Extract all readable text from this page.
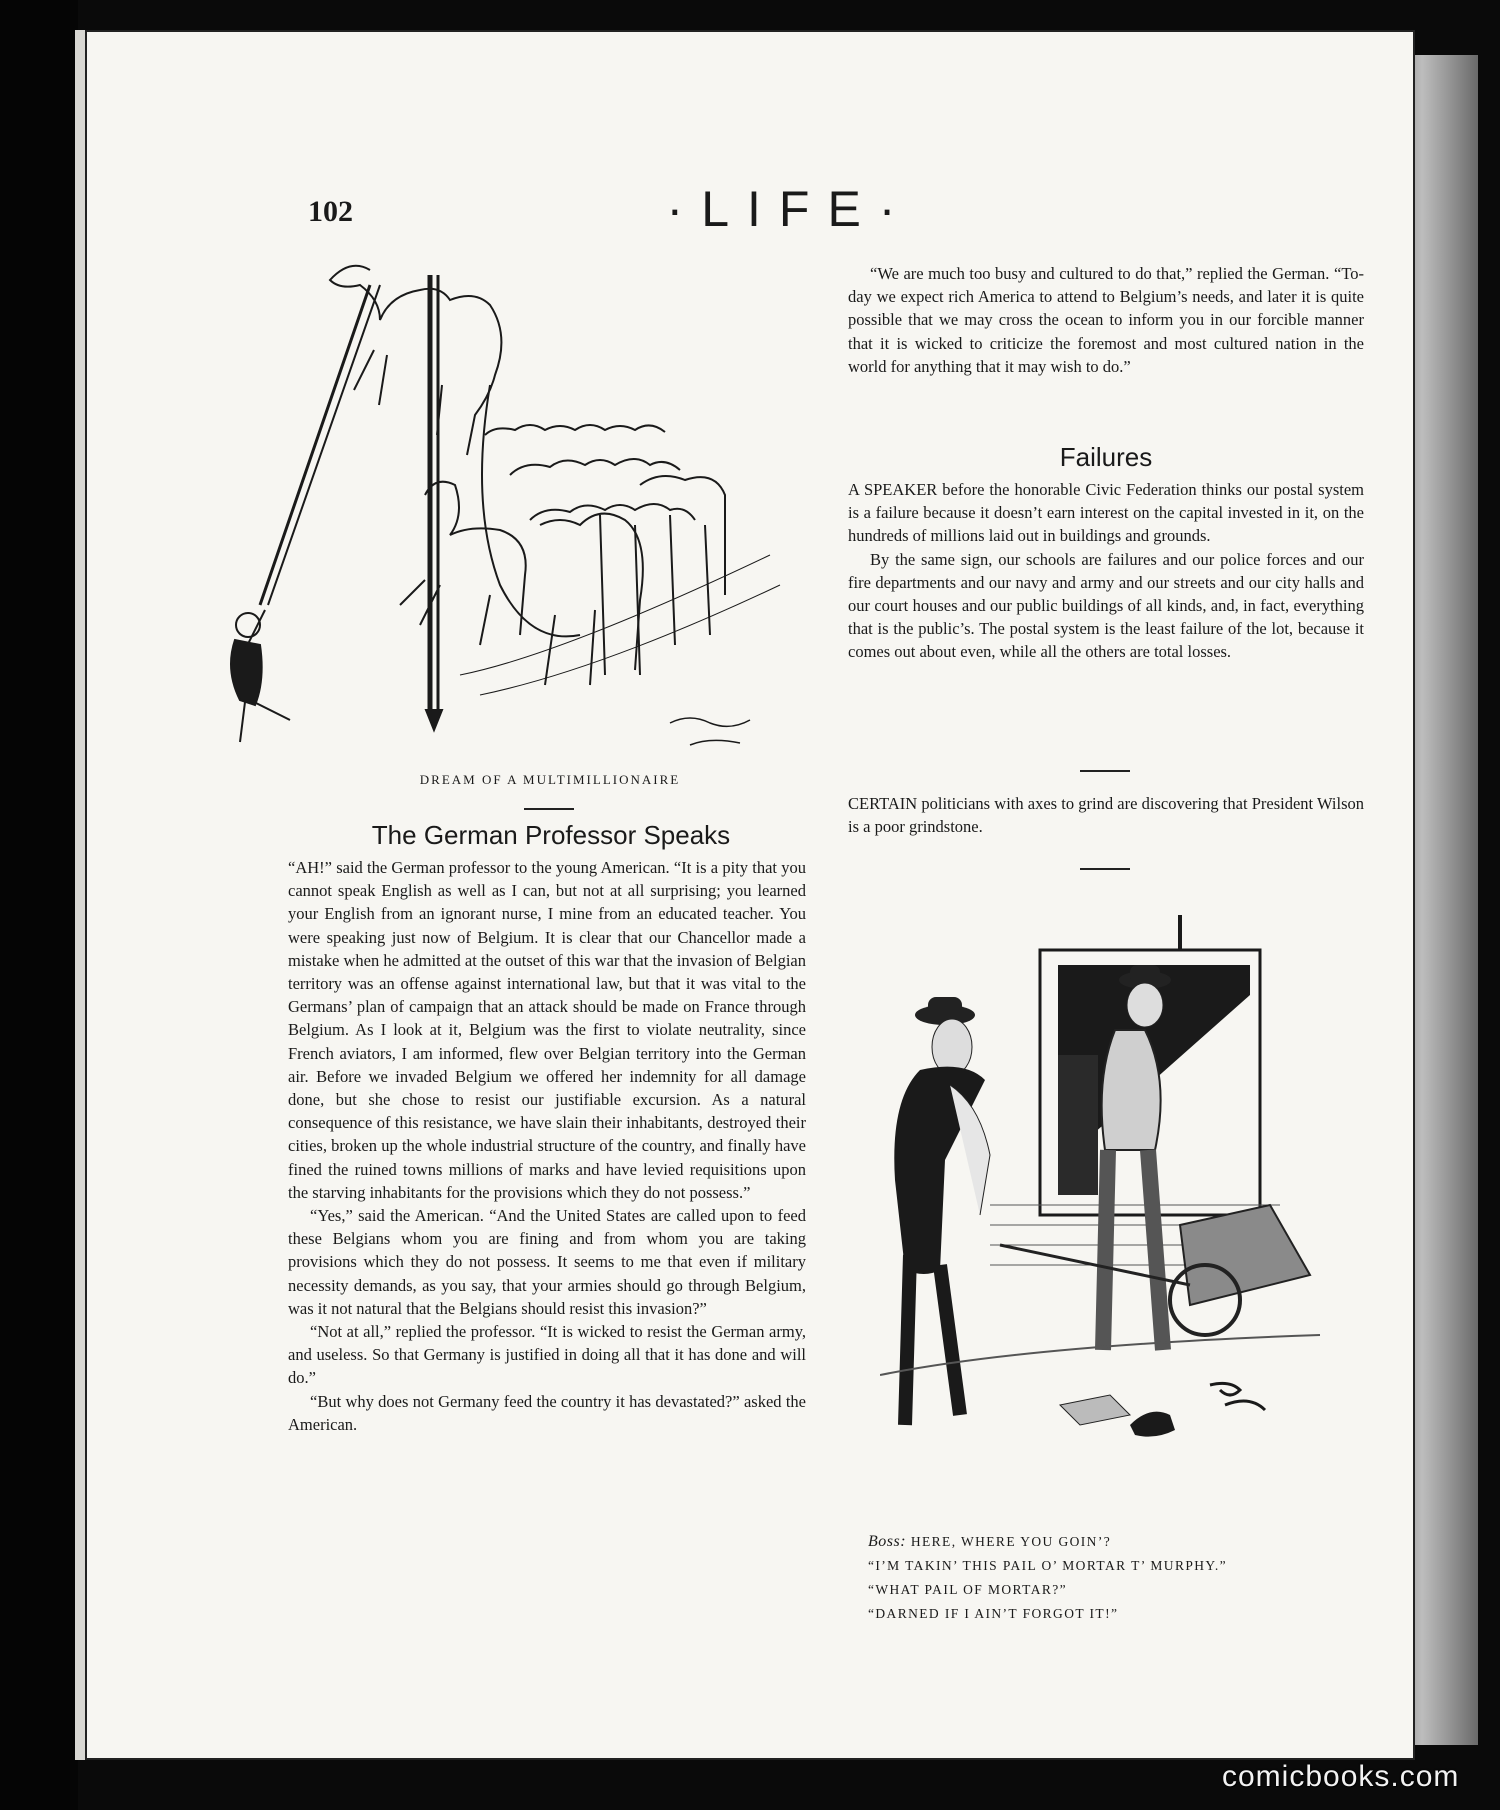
102	·LIFE·
DREAM OF A MULTIMILLIONAIRE
The German Professor Speaks

“AH!” said the German professor to the young American. “It is a pity that you cannot speak English as well as I can, but not at all surprising; you learned your English from an ignorant nurse, I mine from an educated teacher. You were speaking just now of Belgium. It is clear that our Chancellor made a mistake when he admitted at the outset of this war that the invasion of Belgian territory was an offense against international law, but that it was vital to the Germans’ plan of campaign that an attack should be made on France through Belgium. As I look at it, Belgium was the first to violate neutrality, since French aviators, I am informed, flew over Belgian territory into the German air. Before we invaded Belgium we offered her indemnity for all damage done, but she chose to resist our justifiable excursion. As a natural consequence of this resistance, we have slain their inhabitants, destroyed their cities, broken up the whole industrial structure of the country, and finally have fined the ruined towns millions of marks and have levied requisitions upon the starving inhabitants for the provisions which they do not possess.”

“Yes,” said the American. “And the United States are called upon to feed these Belgians whom you are fining and from whom you are taking provisions which they do not possess. It seems to me that even if military necessity demands, as you say, that your armies should go through Belgium, was it not natural that the Belgians should resist this invasion?”

“Not at all,” replied the professor. “It is wicked to resist the German army, and useless. So that Germany is justified in doing all that it has done and will do.”

“But why does not Germany feed the country it has devastated?” asked the American.

“We are much too busy and cultured to do that,” replied the German. “To-day we expect rich America to attend to Belgium’s needs, and later it is quite possible that we may cross the ocean to inform you in our forcible manner that it is wicked to criticize the foremost and most cultured nation in the world for anything that it may wish to do.”

Failures

A SPEAKER before the honorable Civic Federation thinks our postal system is a failure because it doesn’t earn interest on the capital invested in it, on the hundreds of millions laid out in buildings and grounds.

By the same sign, our schools are failures and our police forces and our fire departments and our navy and army and our streets and our city halls and our court houses and our public buildings of all kinds, and, in fact, everything that is the public’s. The postal system is the least failure of the lot, because it comes out about even, while all the others are total losses.

CERTAIN politicians with axes to grind are discovering that President Wilson is a poor grindstone.

Boss: HERE, WHERE YOU GOIN’?
“I’M TAKIN’ THIS PAIL O’ MORTAR T’ MURPHY.”
“WHAT PAIL OF MORTAR?”
“DARNED IF I AIN’T FORGOT IT!”
comicbooks.com
